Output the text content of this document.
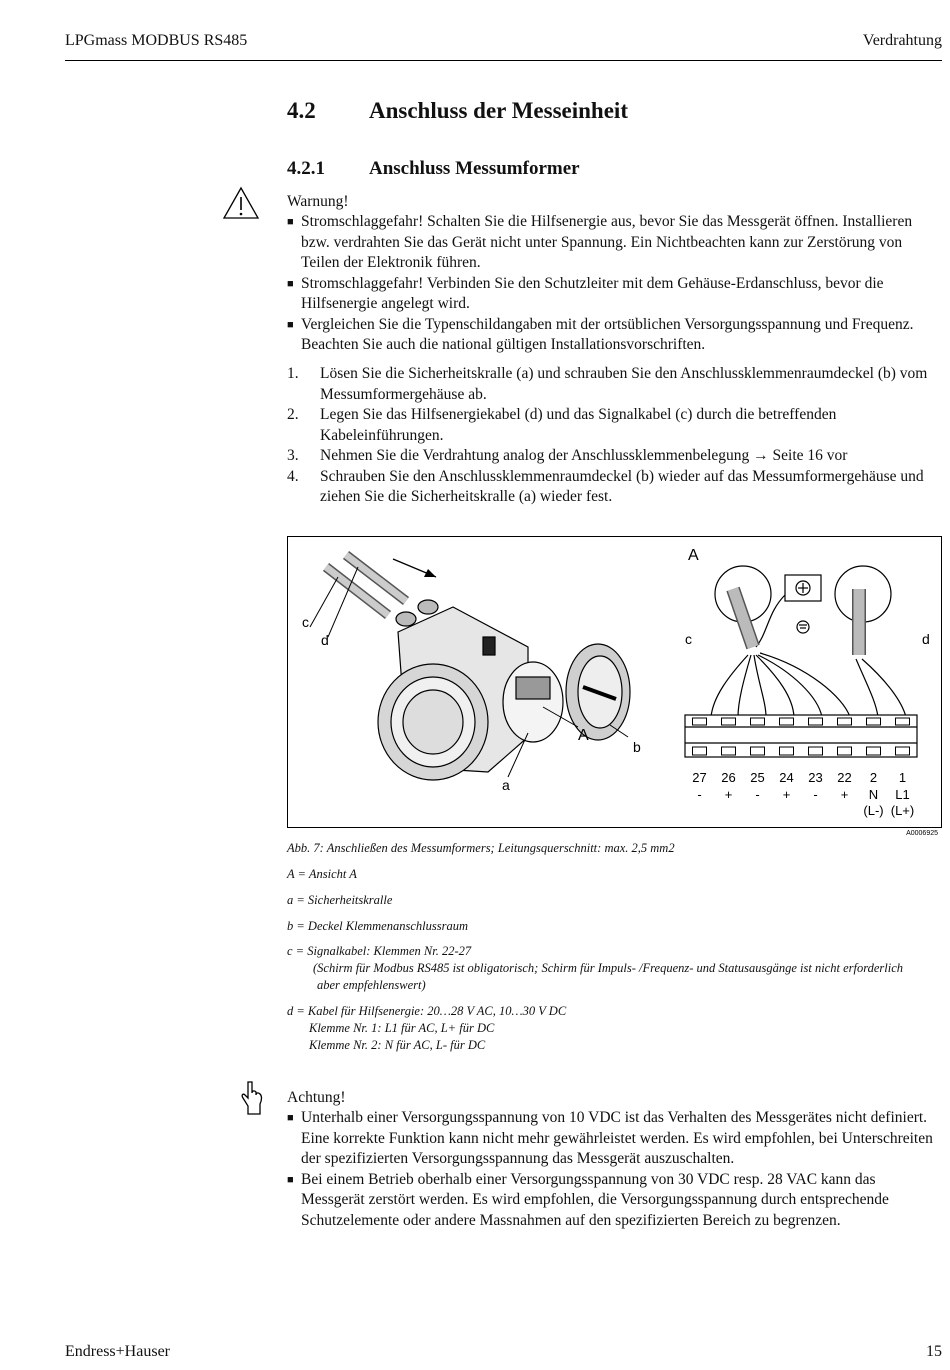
LPGmass MODBUS RS485	Verdrahtung
4.2 Anschluss der Messeinheit
4.2.1 Anschluss Messumformer
Warnung!
■ Stromschlaggefahr! Schalten Sie die Hilfsenergie aus, bevor Sie das Messgerät öffnen. Installieren bzw. verdrahten Sie das Gerät nicht unter Spannung. Ein Nichtbeachten kann zur Zerstörung von Teilen der Elektronik führen.
■ Stromschlaggefahr! Verbinden Sie den Schutzleiter mit dem Gehäuse-Erdanschluss, bevor die Hilfsenergie angelegt wird.
■ Vergleichen Sie die Typenschildangaben mit der ortsüblichen Versorgungsspannung und Frequenz. Beachten Sie auch die national gültigen Installationsvorschriften.
1. Lösen Sie die Sicherheitskralle (a) und schrauben Sie den Anschlussklemmenraumdeckel (b) vom Messumformergehäuse ab.
2. Legen Sie das Hilfsenergiekabel (d) und das Signalkabel (c) durch die betreffenden Kabeleinführungen.
3. Nehmen Sie die Verdrahtung analog der Anschlussklemmenbelegung → Seite 16 vor
4. Schrauben Sie den Anschlussklemmenraumdeckel (b) wieder auf das Messumformergehäuse und ziehen Sie die Sicherheitskralle (a) wieder fest.
c
d
A
b
a
A
c	d
27
-
26
+
25
-
24
+
23
-
22
+
2
N
(L-)
1
L1
(L+)
A0006925
Abb. 7: Anschließen des Messumformers; Leitungsquerschnitt: max. 2,5 mm2
A = Ansicht A
a = Sicherheitskralle
b = Deckel Klemmenanschlussraum
c = Signalkabel: Klemmen Nr. 22-27
(Schirm für Modbus RS485 ist obligatorisch; Schirm für Impuls- /Frequenz- und Statusausgänge ist nicht erforderlich
aber empfehlenswert)
d = Kabel für Hilfsenergie: 20…28 V AC, 10…30 V DC
Klemme Nr. 1: L1 für AC, L+ für DC
Klemme Nr. 2: N für AC, L- für DC
Achtung!
■ Unterhalb einer Versorgungsspannung von 10 VDC ist das Verhalten des Messgerätes nicht definiert. Eine korrekte Funktion kann nicht mehr gewährleistet werden. Es wird empfohlen, bei Unterschreiten der spezifizierten Versorgungsspannung das Messgerät auszuschalten.
■ Bei einem Betrieb oberhalb einer Versorgungsspannung von 30 VDC resp. 28 VAC kann das Messgerät zerstört werden. Es wird empfohlen, die Versorgungsspannung durch entsprechende Schutzelemente oder andere Massnahmen auf den spezifizierten Bereich zu begrenzen.
Endress+Hauser	15
